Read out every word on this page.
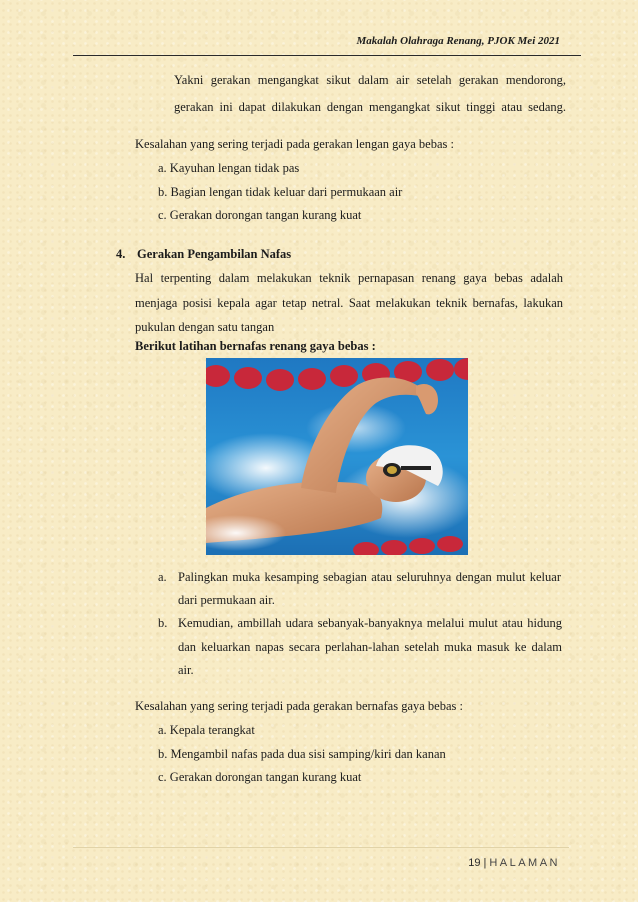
Makalah Olahraga Renang, PJOK Mei 2021
Yakni gerakan mengangkat sikut dalam air setelah gerakan mendorong,
gerakan ini dapat dilakukan dengan mengangkat sikut tinggi atau sedang.
Kesalahan yang sering terjadi pada gerakan lengan gaya bebas :
a. Kayuhan lengan tidak pas
b. Bagian lengan tidak keluar dari permukaan air
c. Gerakan dorongan tangan kurang kuat
4. Gerakan Pengambilan Nafas
Hal terpenting dalam melakukan teknik pernapasan renang gaya bebas adalah
menjaga posisi kepala agar tetap netral. Saat melakukan teknik bernafas, lakukan
pukulan dengan satu tangan
Berikut latihan bernafas renang gaya bebas :
a. Palingkan muka kesamping sebagian atau seluruhnya dengan mulut keluar
dari permukaan air.
b. Kemudian, ambillah udara sebanyak-banyaknya melalui mulut atau hidung
dan keluarkan napas secara perlahan-lahan setelah muka masuk ke dalam
air.
Kesalahan yang sering terjadi pada gerakan bernafas gaya bebas :
a. Kepala terangkat
b. Mengambil nafas pada dua sisi samping/kiri dan kanan
c. Gerakan dorongan tangan kurang kuat
19 | HALAMAN
